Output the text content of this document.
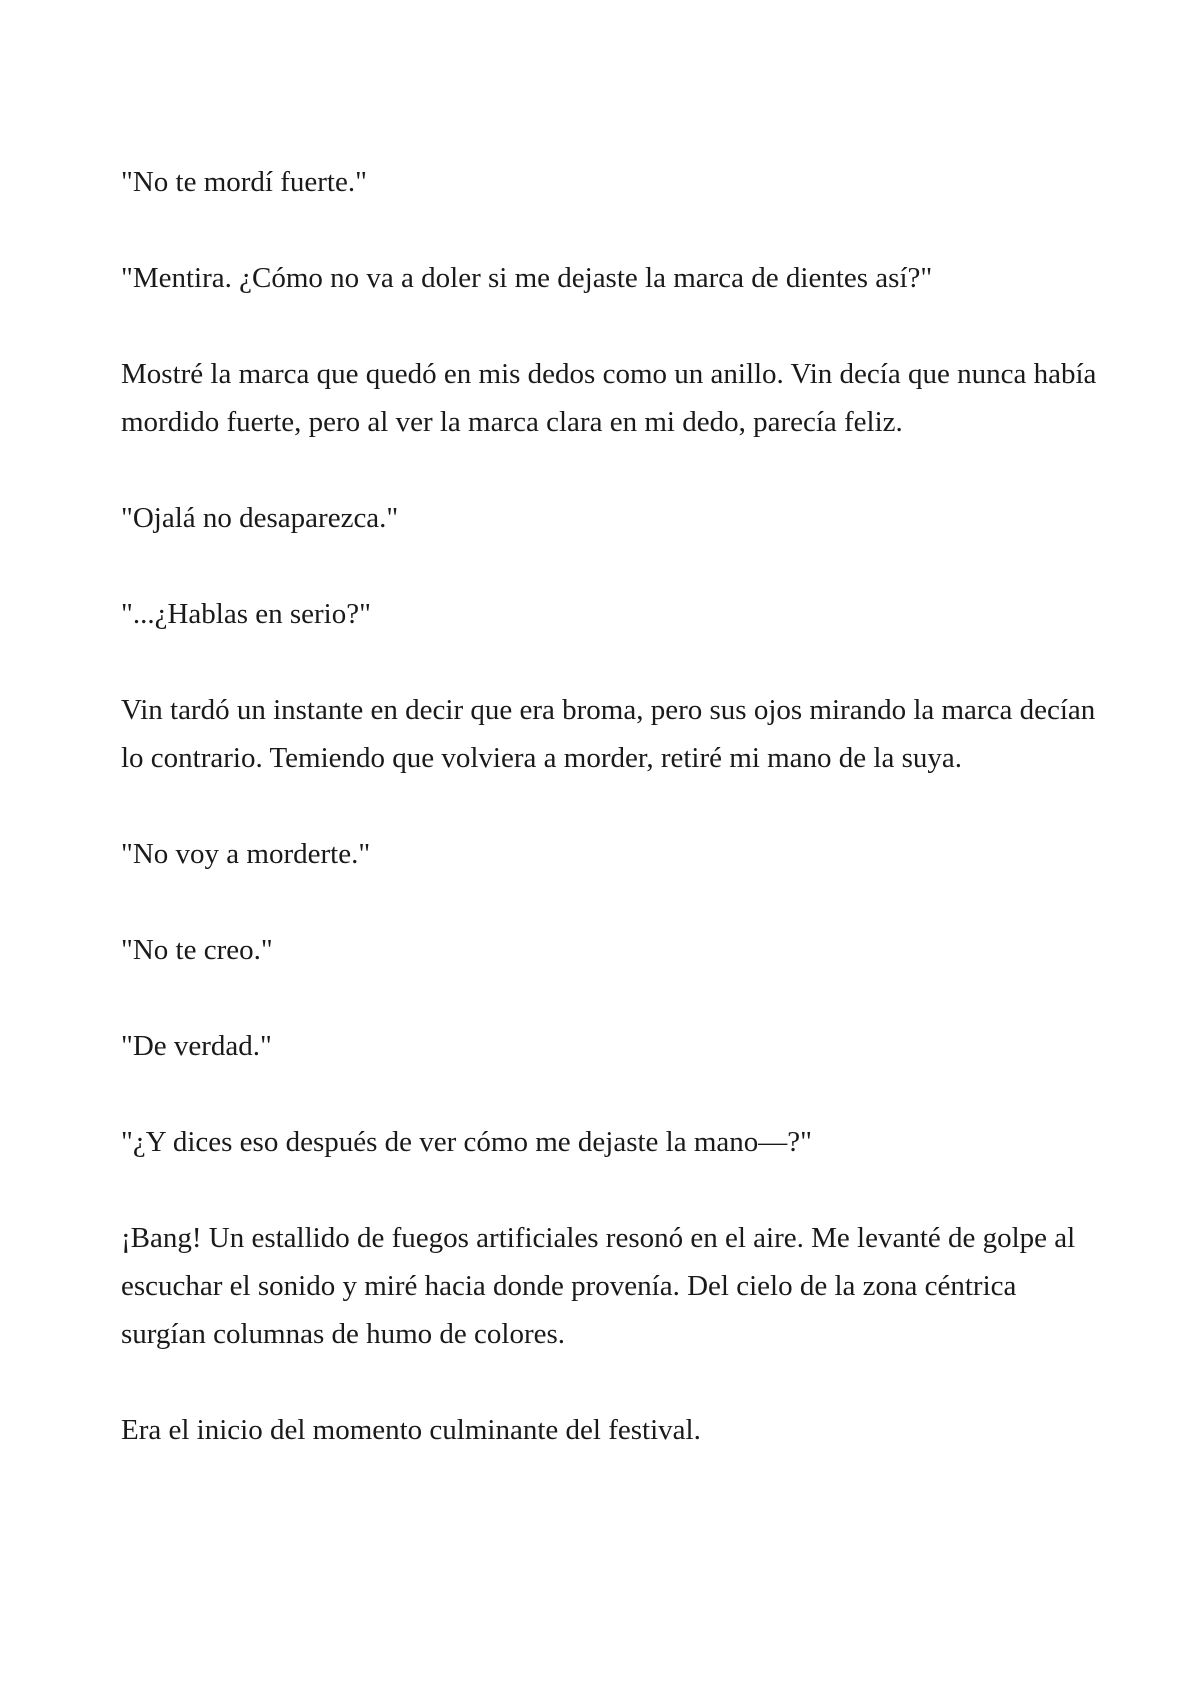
"No te mordí fuerte."

"Mentira. ¿Cómo no va a doler si me dejaste la marca de dientes así?"

Mostré la marca que quedó en mis dedos como un anillo. Vin decía que nunca había mordido fuerte, pero al ver la marca clara en mi dedo, parecía feliz.

"Ojalá no desaparezca."

"...¿Hablas en serio?"

Vin tardó un instante en decir que era broma, pero sus ojos mirando la marca decían lo contrario. Temiendo que volviera a morder, retiré mi mano de la suya.

"No voy a morderte."

"No te creo."

"De verdad."

"¿Y dices eso después de ver cómo me dejaste la mano—?"

¡Bang! Un estallido de fuegos artificiales resonó en el aire. Me levanté de golpe al escuchar el sonido y miré hacia donde provenía. Del cielo de la zona céntrica surgían columnas de humo de colores.

Era el inicio del momento culminante del festival.
